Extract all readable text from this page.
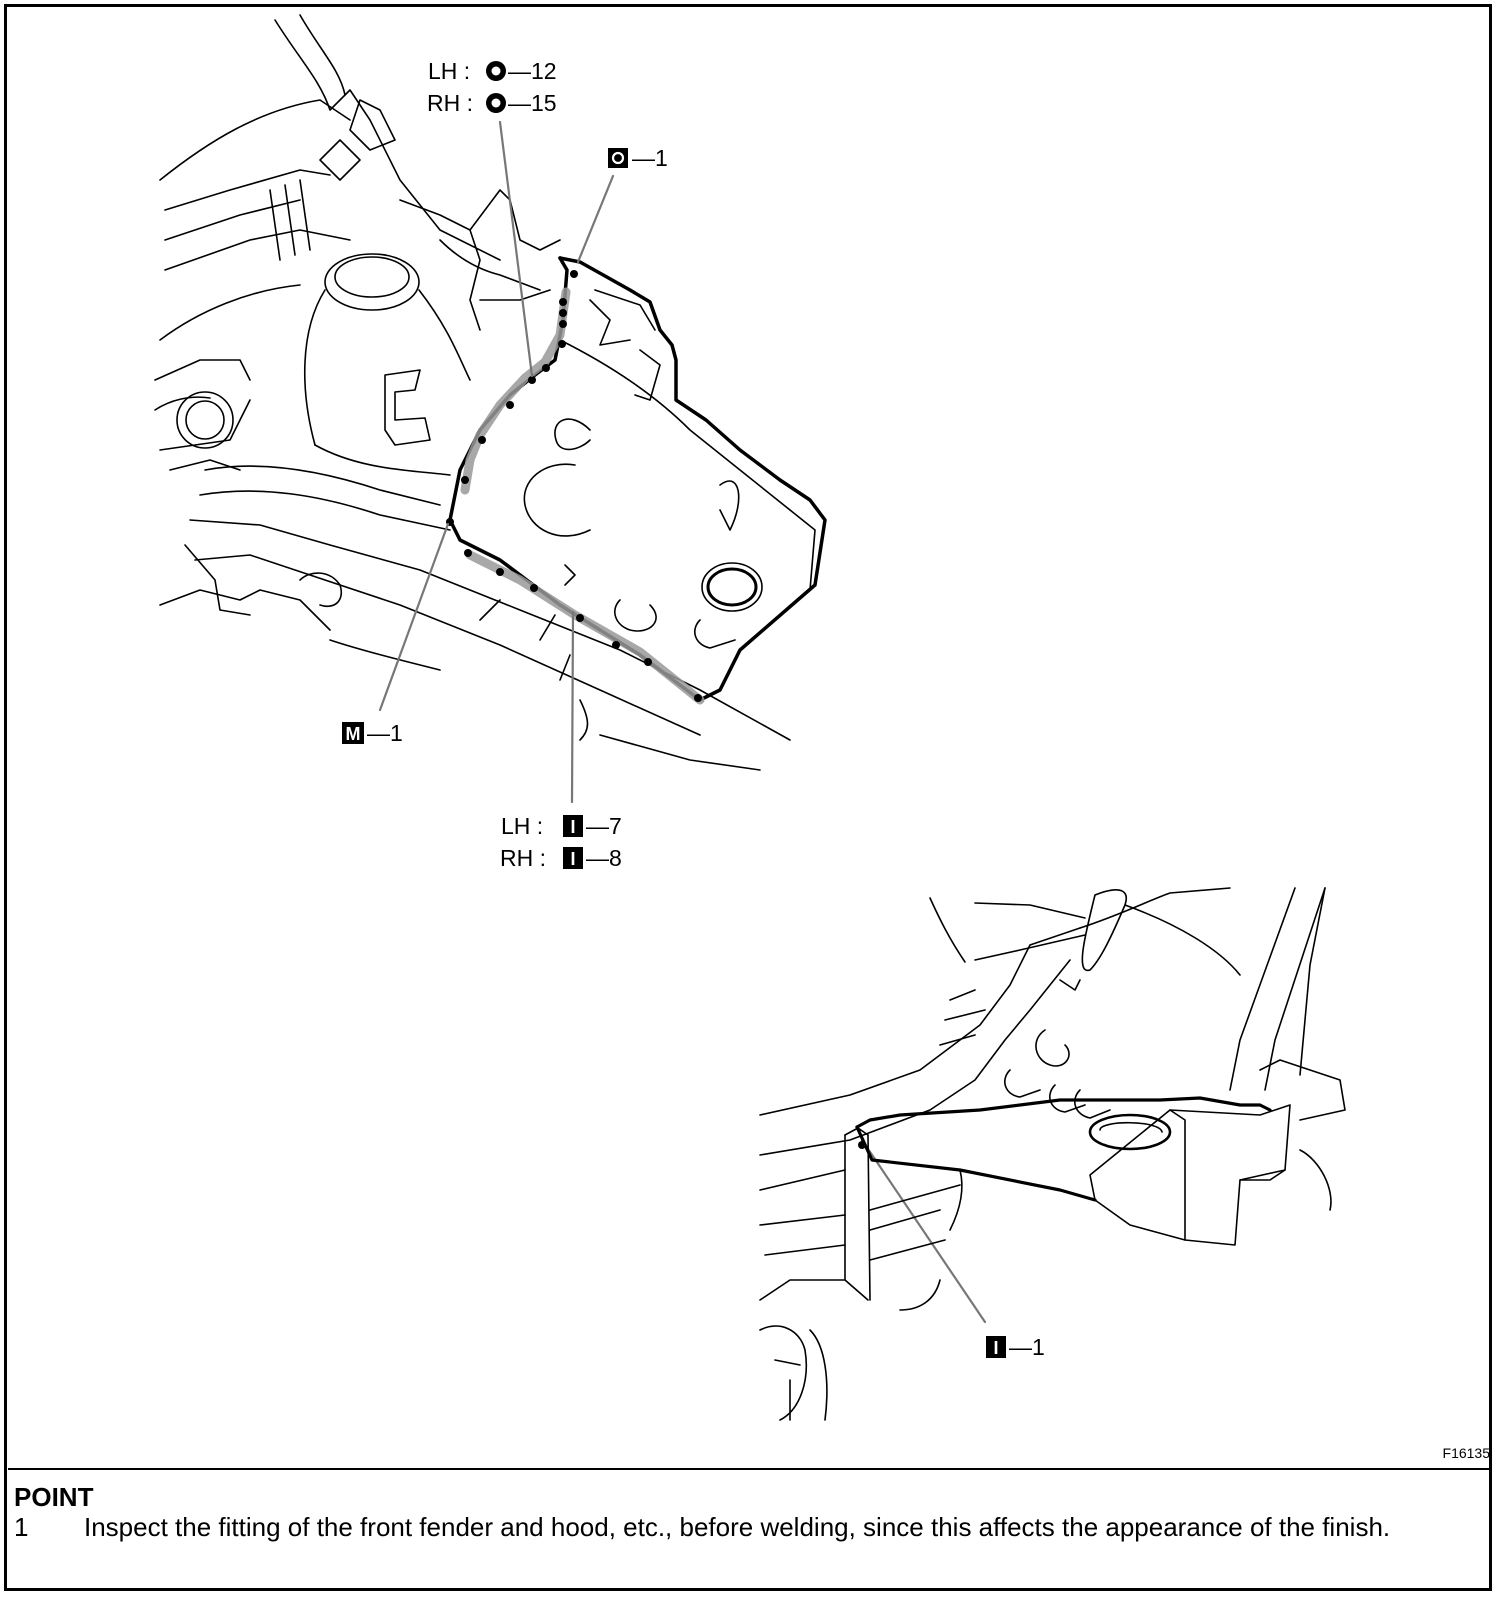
LH : —12
RH : —15
—1
M —1
LH : I —7
RH : I —8
I —1
F16135
POINT
1	Inspect the fitting of the front fender and hood, etc., before welding, since this affects the appearance of the finish.
